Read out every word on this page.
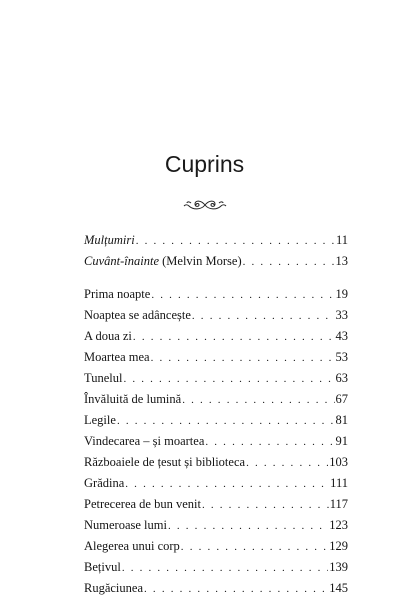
Cuprins
Mulțumiri . . .	11
Cuvânt-înainte (Melvin Morse) . . .	13
Prima noapte . . .	19
Noaptea se adâncește . . .	33
A doua zi . . .	43
Moartea mea . . .	53
Tunelul . . .	63
Învăluită de lumină . . .	67
Legile . . .	81
Vindecarea – și moartea . . .	91
Războaiele de țesut și biblioteca . . .	103
Grădina . . .	111
Petrecerea de bun venit . . .	117
Numeroase lumi . . .	123
Alegerea unui corp . . .	129
Bețivul . . .	139
Rugăciunea . . .	145
